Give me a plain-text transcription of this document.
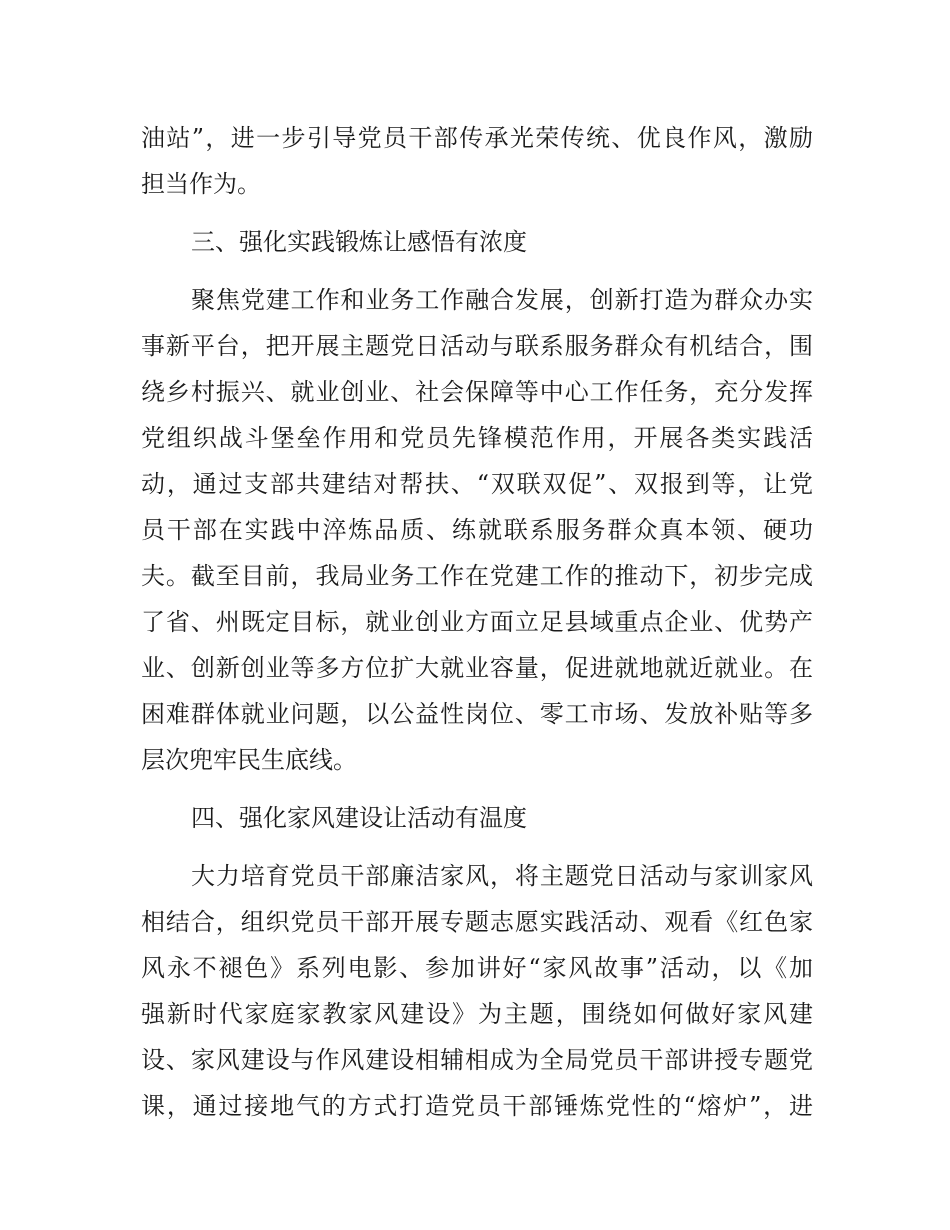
油站”，进一步引导党员干部传承光荣传统、优良作风，激励
担当作为。
三、强化实践锻炼让感悟有浓度
聚焦党建工作和业务工作融合发展，创新打造为群众办实
事新平台，把开展主题党日活动与联系服务群众有机结合，围
绕乡村振兴、就业创业、社会保障等中心工作任务，充分发挥
党组织战斗堡垒作用和党员先锋模范作用，开展各类实践活
动，通过支部共建结对帮扶、“双联双促”、双报到等，让党
员干部在实践中淬炼品质、练就联系服务群众真本领、硬功
夫。截至目前，我局业务工作在党建工作的推动下，初步完成
了省、州既定目标，就业创业方面立足县域重点企业、优势产
业、创新创业等多方位扩大就业容量，促进就地就近就业。在
困难群体就业问题，以公益性岗位、零工市场、发放补贴等多
层次兜牢民生底线。
四、强化家风建设让活动有温度
大力培育党员干部廉洁家风，将主题党日活动与家训家风
相结合，组织党员干部开展专题志愿实践活动、观看《红色家
风永不褪色》系列电影、参加讲好“家风故事”活动，以《加
强新时代家庭家教家风建设》为主题，围绕如何做好家风建
设、家风建设与作风建设相辅相成为全局党员干部讲授专题党
课，通过接地气的方式打造党员干部锤炼党性的“熔炉”，进
